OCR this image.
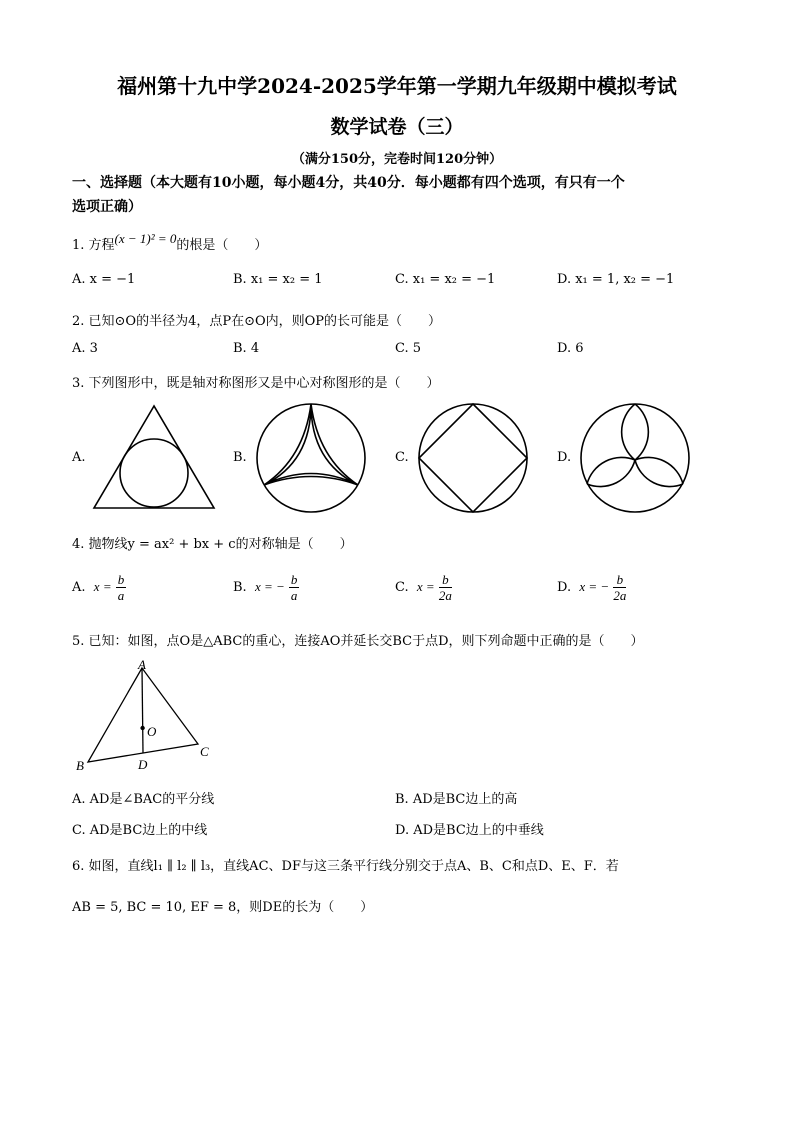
福州第十九中学2024-2025学年第一学期九年级期中模拟考试
数学试卷（三）
（满分150分，完卷时间120分钟）
一、选择题（本大题有10小题，每小题4分，共40分．每小题都有四个选项，有只有一个
选项正确）
1. 方程(x − 1)² = 0的根是（　　）
A. x = −1	B. x₁ = x₂ = 1	C. x₁ = x₂ = −1	D. x₁ = 1, x₂ = −1
2. 已知⊙O的半径为4，点P在⊙O内，则OP的长可能是（　　）
A. 3	B. 4	C. 5	D. 6
3. 下列图形中，既是轴对称图形又是中心对称图形的是（　　）
A.	B.	C.	D.
4. 抛物线y = ax² + bx + c的对称轴是（　　）
A. $x = \frac{b}{a}$	B. x = − $\frac{b}{a}$	C. $x = \frac{b}{2a}$	D. x = − $\frac{b}{2a}$
5. 已知：如图，点O是△ABC的重心，连接AO并延长交BC于点D，则下列命题中正确的是（　　）
A
B
C
D
O
A. AD是∠BAC的平分线	B. AD是BC边上的高
C. AD是BC边上的中线	D. AD是BC边上的中垂线
6. 如图，直线l₁ ∥ l₂ ∥ l₃，直线AC、DF与这三条平行线分别交于点A、B、C和点D、E、F．若
AB = 5, BC = 10, EF = 8，则DE的长为（　　）
